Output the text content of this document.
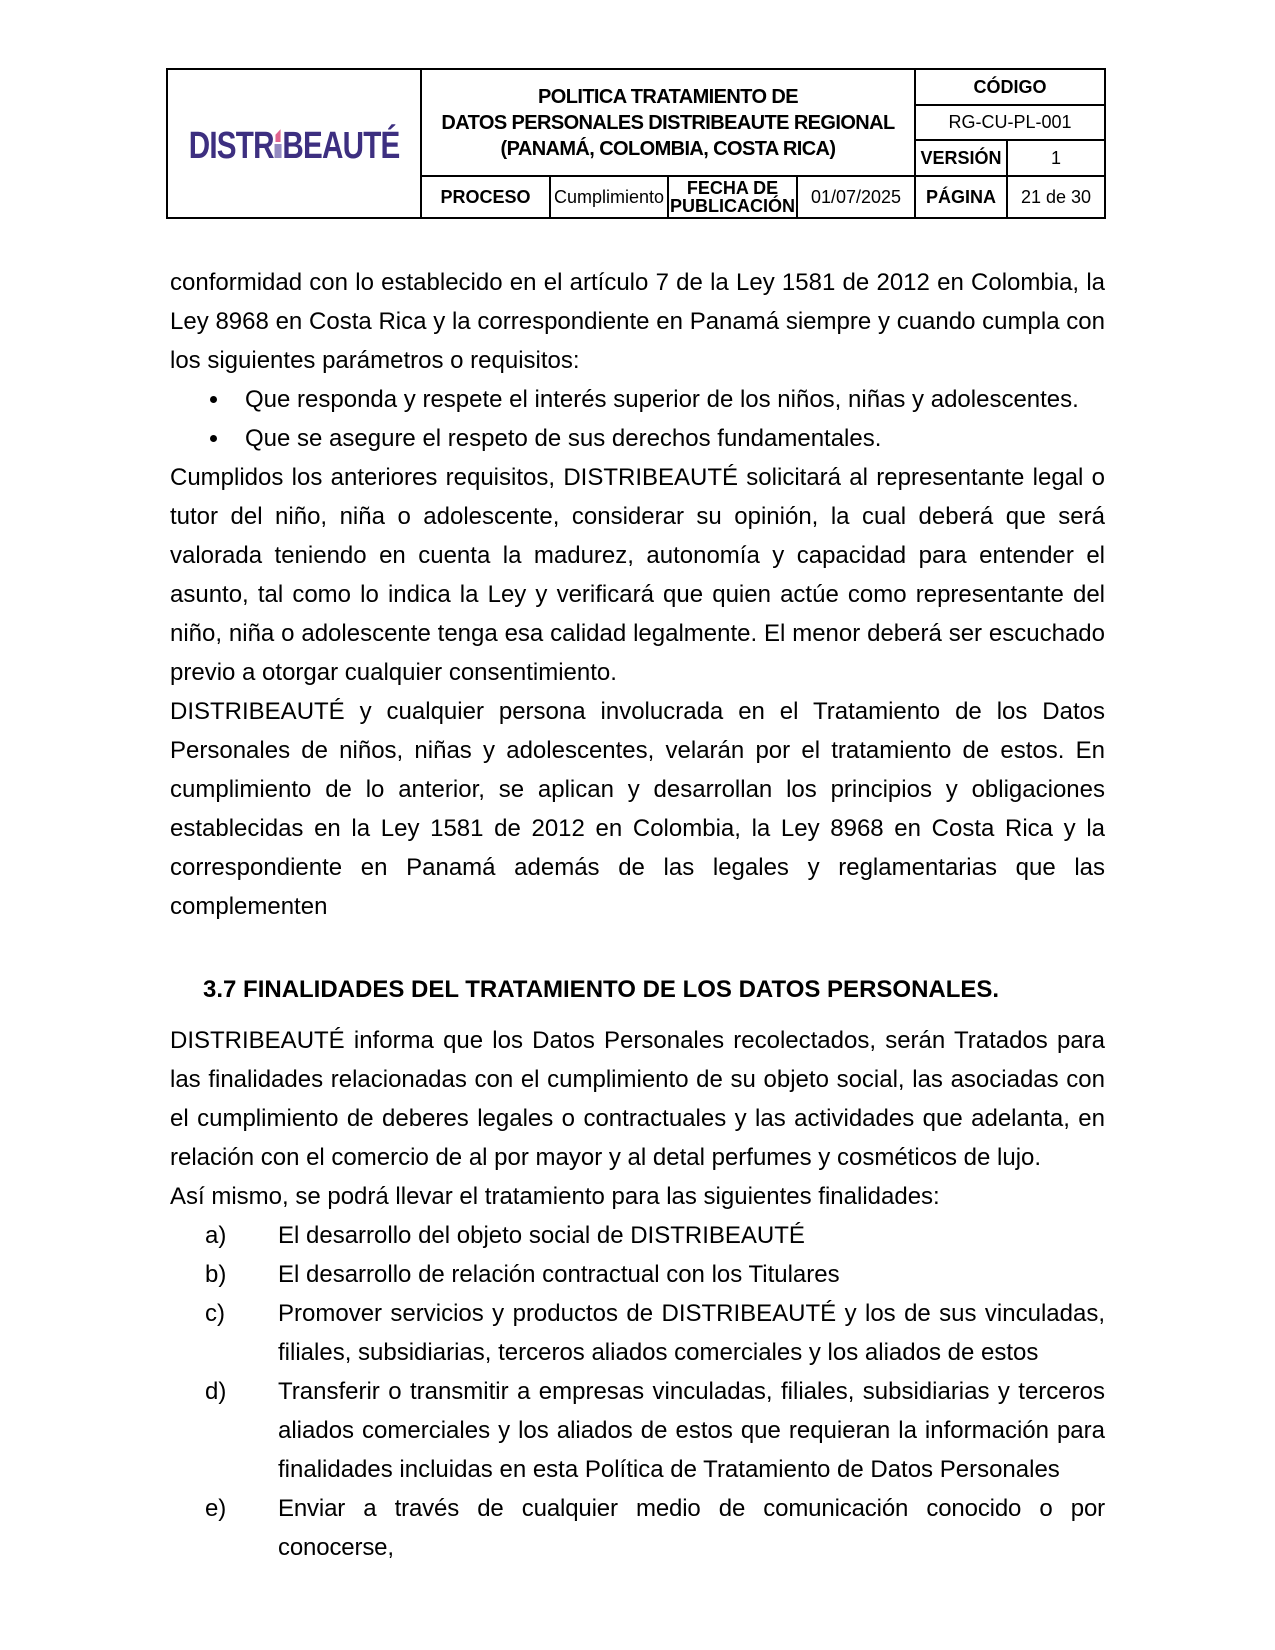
DISTR BEAUTÉ
POLITICA TRATAMIENTO DE
DATOS PERSONALES DISTRIBEAUTE REGIONAL
(PANAMÁ, COLOMBIA, COSTA RICA)
CÓDIGO
RG-CU-PL-001
VERSIÓN	1
PROCESO	Cumplimiento	FECHA DE PUBLICACIÓN 01/07/2025	PÁGINA	21 de 30

conformidad con lo establecido en el artículo 7 de la Ley 1581 de 2012 en Colombia, la Ley 8968 en Costa Rica y la correspondiente en Panamá siempre y cuando cumpla con los siguientes parámetros o requisitos:

Que responda y respete el interés superior de los niños, niñas y adolescentes.
Que se asegure el respeto de sus derechos fundamentales.

Cumplidos los anteriores requisitos, DISTRIBEAUTÉ solicitará al representante legal o tutor del niño, niña o adolescente, considerar su opinión, la cual deberá que será valorada teniendo en cuenta la madurez, autonomía y capacidad para entender el asunto, tal como lo indica la Ley y verificará que quien actúe como representante del niño, niña o adolescente tenga esa calidad legalmente. El menor deberá ser escuchado previo a otorgar cualquier consentimiento.

DISTRIBEAUTÉ y cualquier persona involucrada en el Tratamiento de los Datos Personales de niños, niñas y adolescentes, velarán por el tratamiento de estos. En cumplimiento de lo anterior, se aplican y desarrollan los principios y obligaciones establecidas en la Ley 1581 de 2012 en Colombia, la Ley 8968 en Costa Rica y la correspondiente en Panamá además de las legales y reglamentarias que las complementen

3.7 FINALIDADES DEL TRATAMIENTO DE LOS DATOS PERSONALES.

DISTRIBEAUTÉ informa que los Datos Personales recolectados, serán Tratados para las finalidades relacionadas con el cumplimiento de su objeto social, las asociadas con el cumplimiento de deberes legales o contractuales y las actividades que adelanta, en relación con el comercio de al por mayor y al detal perfumes y cosméticos de lujo.

Así mismo, se podrá llevar el tratamiento para las siguientes finalidades:

a) El desarrollo del objeto social de DISTRIBEAUTÉ
b) El desarrollo de relación contractual con los Titulares
c) Promover servicios y productos de DISTRIBEAUTÉ y los de sus vinculadas, filiales, subsidiarias, terceros aliados comerciales y los aliados de estos
d) Transferir o transmitir a empresas vinculadas, filiales, subsidiarias y terceros aliados comerciales y los aliados de estos que requieran la información para finalidades incluidas en esta Política de Tratamiento de Datos Personales
e) Enviar a través de cualquier medio de comunicación conocido o por conocerse,
